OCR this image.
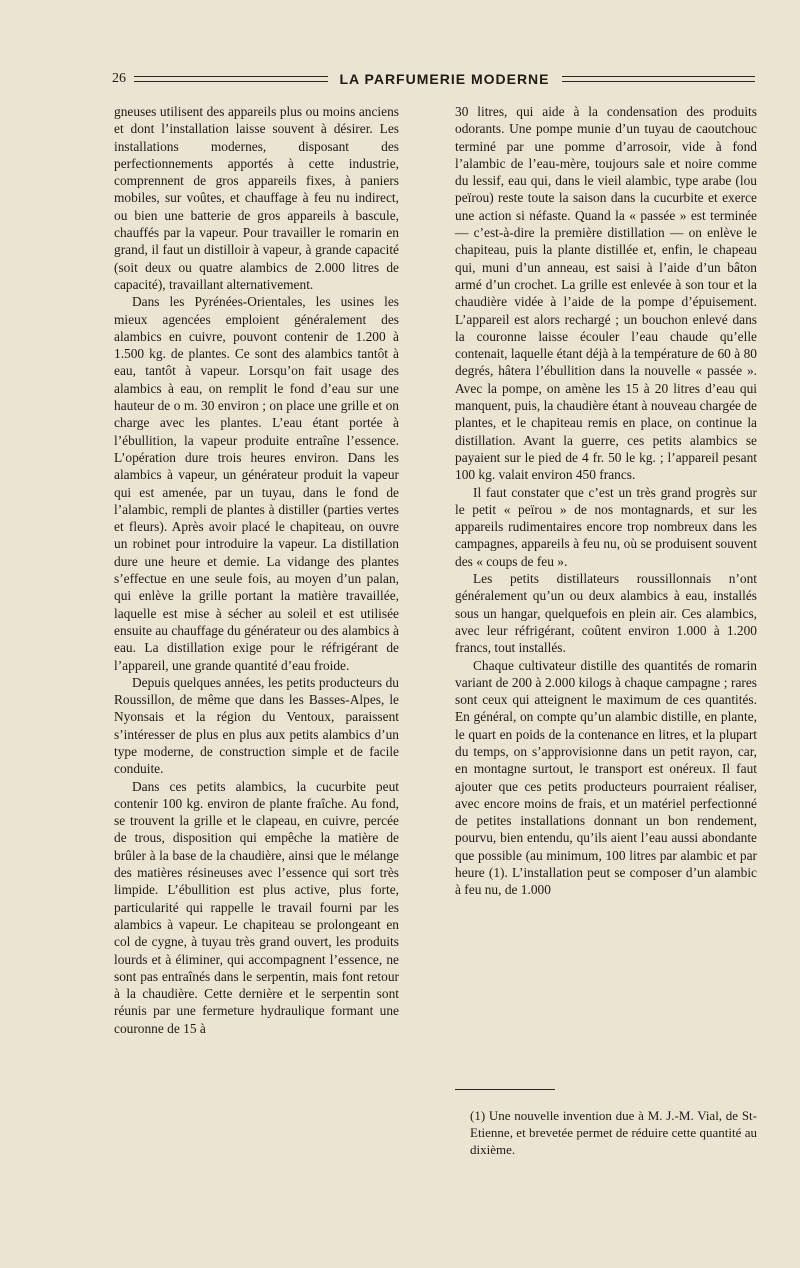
26	LA PARFUMERIE MODERNE

gneuses utilisent des appareils plus ou moins anciens et dont l’installation laisse souvent à désirer. Les installations modernes, disposant des perfectionnements apportés à cette industrie, comprennent de gros appareils fixes, à paniers mobiles, sur voûtes, et chauffage à feu nu indirect, ou bien une batterie de gros appareils à bascule, chauffés par la vapeur. Pour travailler le romarin en grand, il faut un distilloir à vapeur, à grande capacité (soit deux ou quatre alambics de 2.000 litres de capacité), travaillant alternativement.

Dans les Pyrénées-Orientales, les usines les mieux agencées emploient généralement des alambics en cuivre, pouvont contenir de 1.200 à 1.500 kg. de plantes. Ce sont des alambics tantôt à eau, tantôt à vapeur. Lorsqu’on fait usage des alambics à eau, on remplit le fond d’eau sur une hauteur de o m. 30 environ ; on place une grille et on charge avec les plantes. L’eau étant portée à l’ébullition, la vapeur produite entraîne l’essence. L’opération dure trois heures environ. Dans les alambics à vapeur, un générateur produit la vapeur qui est amenée, par un tuyau, dans le fond de l’alambic, rempli de plantes à distiller (parties vertes et fleurs). Après avoir placé le chapiteau, on ouvre un robinet pour introduire la vapeur. La distillation dure une heure et demie. La vidange des plantes s’effectue en une seule fois, au moyen d’un palan, qui enlève la grille portant la matière travaillée, laquelle est mise à sécher au soleil et est utilisée ensuite au chauffage du générateur ou des alambics à eau. La distillation exige pour le réfrigérant de l’appareil, une grande quantité d’eau froide.

Depuis quelques années, les petits producteurs du Roussillon, de même que dans les Basses-Alpes, le Nyonsais et la région du Ventoux, paraissent s’intéresser de plus en plus aux petits alambics d’un type moderne, de construction simple et de facile conduite.

Dans ces petits alambics, la cucurbite peut contenir 100 kg. environ de plante fraîche. Au fond, se trouvent la grille et le clapeau, en cuivre, percée de trous, disposition qui empêche la matière de brûler à la base de la chaudière, ainsi que le mélange des matières résineuses avec l’essence qui sort très limpide. L’ébullition est plus active, plus forte, particularité qui rappelle le travail fourni par les alambics à vapeur. Le chapiteau se prolongeant en col de cygne, à tuyau très grand ouvert, les produits lourds et à éliminer, qui accompagnent l’essence, ne sont pas entraînés dans le serpentin, mais font retour à la chaudière. Cette dernière et le serpentin sont réunis par une fermeture hydraulique formant une couronne de 15 à

30 litres, qui aide à la condensation des produits odorants. Une pompe munie d’un tuyau de caoutchouc terminé par une pomme d’arrosoir, vide à fond l’alambic de l’eau-mère, toujours sale et noire comme du lessif, eau qui, dans le vieil alambic, type arabe (lou peïrou) reste toute la saison dans la cucurbite et exerce une action si néfaste. Quand la « passée » est terminée — c’est-à-dire la première distillation — on enlève le chapiteau, puis la plante distillée et, enfin, le chapeau qui, muni d’un anneau, est saisi à l’aide d’un bâton armé d’un crochet. La grille est enlevée à son tour et la chaudière vidée à l’aide de la pompe d’épuisement. L’appareil est alors rechargé ; un bouchon enlevé dans la couronne laisse écouler l’eau chaude qu’elle contenait, laquelle étant déjà à la température de 60 à 80 degrés, hâtera l’ébullition dans la nouvelle « passée ». Avec la pompe, on amène les 15 à 20 litres d’eau qui manquent, puis, la chaudière étant à nouveau chargée de plantes, et le chapiteau remis en place, on continue la distillation. Avant la guerre, ces petits alambics se payaient sur le pied de 4 fr. 50 le kg. ; l’appareil pesant 100 kg. valait environ 450 francs.

Il faut constater que c’est un très grand progrès sur le petit « peïrou » de nos montagnards, et sur les appareils rudimentaires encore trop nombreux dans les campagnes, appareils à feu nu, où se produisent souvent des « coups de feu ».

Les petits distillateurs roussillonnais n’ont généralement qu’un ou deux alambics à eau, installés sous un hangar, quelquefois en plein air. Ces alambics, avec leur réfrigérant, coûtent environ 1.000 à 1.200 francs, tout installés.

Chaque cultivateur distille des quantités de romarin variant de 200 à 2.000 kilogs à chaque campagne ; rares sont ceux qui atteignent le maximum de ces quantités. En général, on compte qu’un alambic distille, en plante, le quart en poids de la contenance en litres, et la plupart du temps, on s’approvisionne dans un petit rayon, car, en montagne surtout, le transport est onéreux. Il faut ajouter que ces petits producteurs pourraient réaliser, avec encore moins de frais, et un matériel perfectionné de petites installations donnant un bon rendement, pourvu, bien entendu, qu’ils aient l’eau aussi abondante que possible (au minimum, 100 litres par alambic et par heure (1). L’installation peut se composer d’un alambic à feu nu, de 1.000

(1) Une nouvelle invention due à M. J.-M. Vial, de St-Etienne, et brevetée permet de réduire cette quantité au dixième.
